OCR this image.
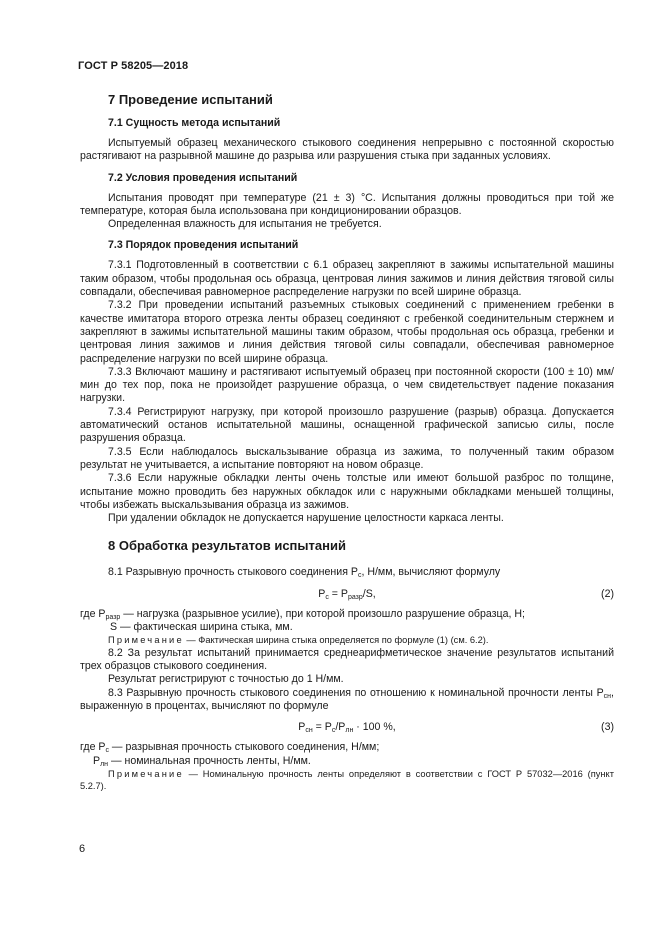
ГОСТ Р 58205—2018
7 Проведение испытаний
7.1 Сущность метода испытаний

Испытуемый образец механического стыкового соединения непрерывно с постоянной скоростью растягивают на разрывной машине до разрыва или разрушения стыка при заданных условиях.

7.2 Условия проведения испытаний

Испытания проводят при температуре (21 ± 3) °С. Испытания должны проводиться при той же температуре, которая была использована при кондиционировании образцов.

Определенная влажность для испытания не требуется.

7.3 Порядок проведения испытаний

7.3.1 Подготовленный в соответствии с 6.1 образец закрепляют в зажимы испытательной машины таким образом, чтобы продольная ось образца, центровая линия зажимов и линия действия тяговой силы совпадали, обеспечивая равномерное распределение нагрузки по всей ширине образца.

7.3.2 При проведении испытаний разъемных стыковых соединений с применением гребенки в качестве имитатора второго отрезка ленты образец соединяют с гребенкой соединительным стержнем и закрепляют в зажимы испытательной машины таким образом, чтобы продольная ось образца, гребенки и центровая линия зажимов и линия действия тяговой силы совпадали, обеспечивая равномерное распределение нагрузки по всей ширине образца.

7.3.3 Включают машину и растягивают испытуемый образец при постоянной скорости (100 ± 10) мм/мин до тех пор, пока не произойдет разрушение образца, о чем свидетельствует падение показания нагрузки.

7.3.4 Регистрируют нагрузку, при которой произошло разрушение (разрыв) образца. Допускается автоматический останов испытательной машины, оснащенной графической записью силы, после разрушения образца.

7.3.5 Если наблюдалось выскальзывание образца из зажима, то полученный таким образом результат не учитывается, а испытание повторяют на новом образце.

7.3.6 Если наружные обкладки ленты очень толстые или имеют большой разброс по толщине, испытание можно проводить без наружных обкладок или с наружными обкладками меньшей толщины, чтобы избежать выскальзывания образца из зажимов.

При удалении обкладок не допускается нарушение целостности каркаса ленты.

8 Обработка результатов испытаний

8.1 Разрывную прочность стыкового соединения $P_с$, Н/мм, вычисляют формулу

$P_с = P_{разр}/S$,	(2)
где $P_{разр}$ — нагрузка (разрывное усилие), при которой произошло разрушение образца, Н;
S — фактическая ширина стыка, мм.

Примечание — Фактическая ширина стыка определяется по формуле (1) (см. 6.2).

8.2 За результат испытаний принимается среднеарифметическое значение результатов испытаний трех образцов стыкового соединения.

Результат регистрируют с точностью до 1 Н/мм.

8.3 Разрывную прочность стыкового соединения по отношению к номинальной прочности ленты $P_{сн}$, выраженную в процентах, вычисляют по формуле

$P_{сн} = P_с/P_{лн} \cdot 100$ %,	(3)
где $P_с$ — разрывная прочность стыкового соединения, Н/мм;
$P_{лн}$ — номинальная прочность ленты, Н/мм.

Примечание — Номинальную прочность ленты определяют в соответствии с ГОСТ Р 57032—2016 (пункт 5.2.7).

6
